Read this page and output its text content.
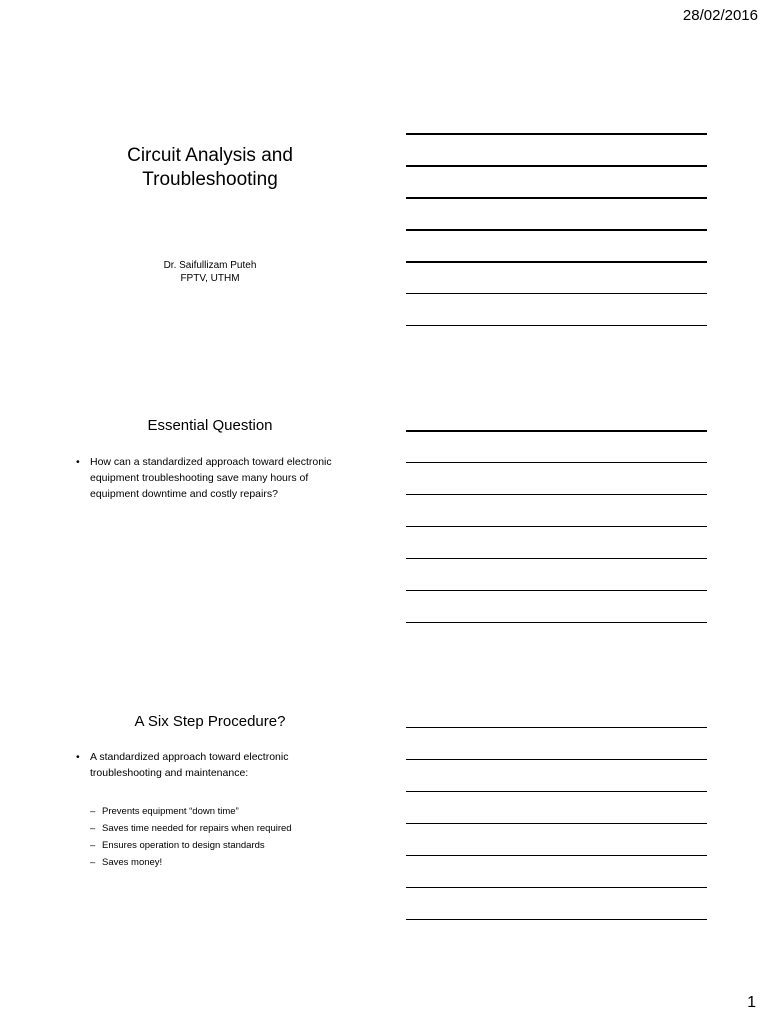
28/02/2016
Circuit Analysis and
Troubleshooting
Dr. Saifullizam Puteh
FPTV, UTHM
Essential Question
• How can a standardized approach toward electronic equipment troubleshooting save many hours of equipment downtime and costly repairs?
A Six Step Procedure?
• A standardized approach toward electronic troubleshooting and maintenance:
– Prevents equipment “down time”
– Saves time needed for repairs when required
– Ensures operation to design standards
– Saves money!
1
